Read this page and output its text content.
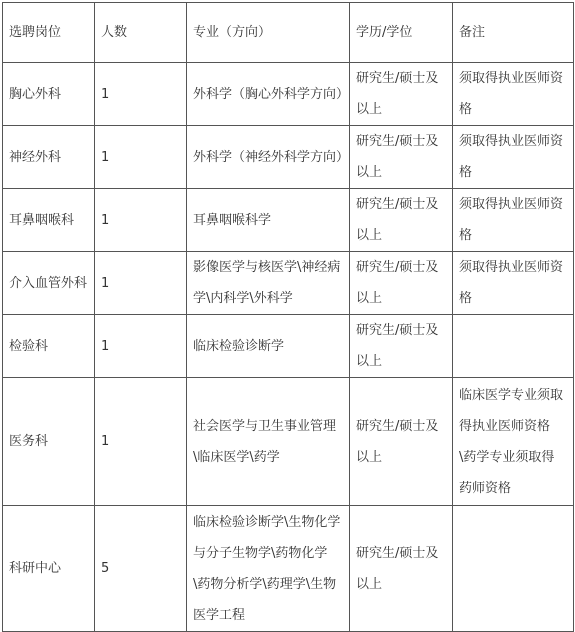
选聘岗位	人数	专业（方向）	学历/学位	备注
胸心外科	1	外科学（胸心外科学方向）	研究生/硕士及以上	须取得执业医师资格
神经外科	1	外科学（神经外科学方向）	研究生/硕士及以上	须取得执业医师资格
耳鼻咽喉科	1	耳鼻咽喉科学	研究生/硕士及以上	须取得执业医师资格
介入血管外科	1	影像医学与核医学\神经病学\内科学\外科学	研究生/硕士及以上	须取得执业医师资格
检验科	1	临床检验诊断学	研究生/硕士及以上	
医务科	1	社会医学与卫生事业管理\临床医学\药学	研究生/硕士及以上	临床医学专业须取得执业医师资格\药学专业须取得药师资格
科研中心	5	临床检验诊断学\生物化学与分子生物学\药物化学\药物分析学\药理学\生物医学工程	研究生/硕士及以上	
